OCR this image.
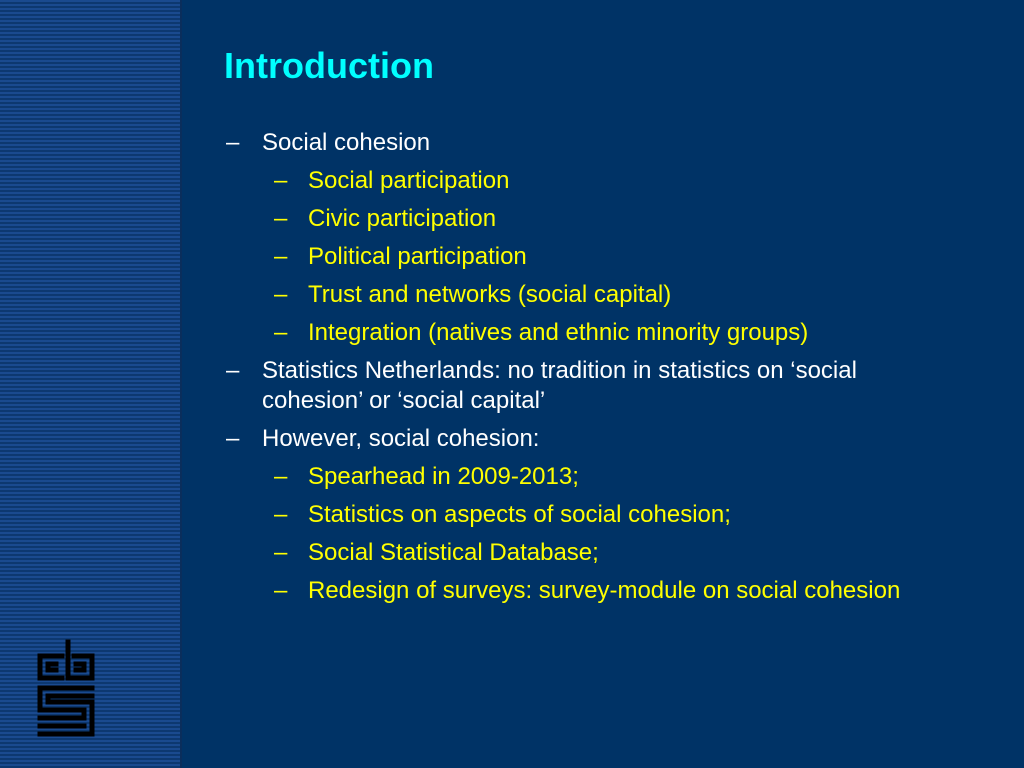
Introduction
– Social cohesion
– Social participation
– Civic participation
– Political participation
– Trust and networks (social capital)
– Integration (natives and ethnic minority groups)
– Statistics Netherlands: no tradition in statistics on ‘social cohesion’ or ‘social capital’
– However, social cohesion:
– Spearhead in 2009-2013;
– Statistics on aspects of social cohesion;
– Social Statistical Database;
– Redesign of surveys: survey-module on social cohesion
